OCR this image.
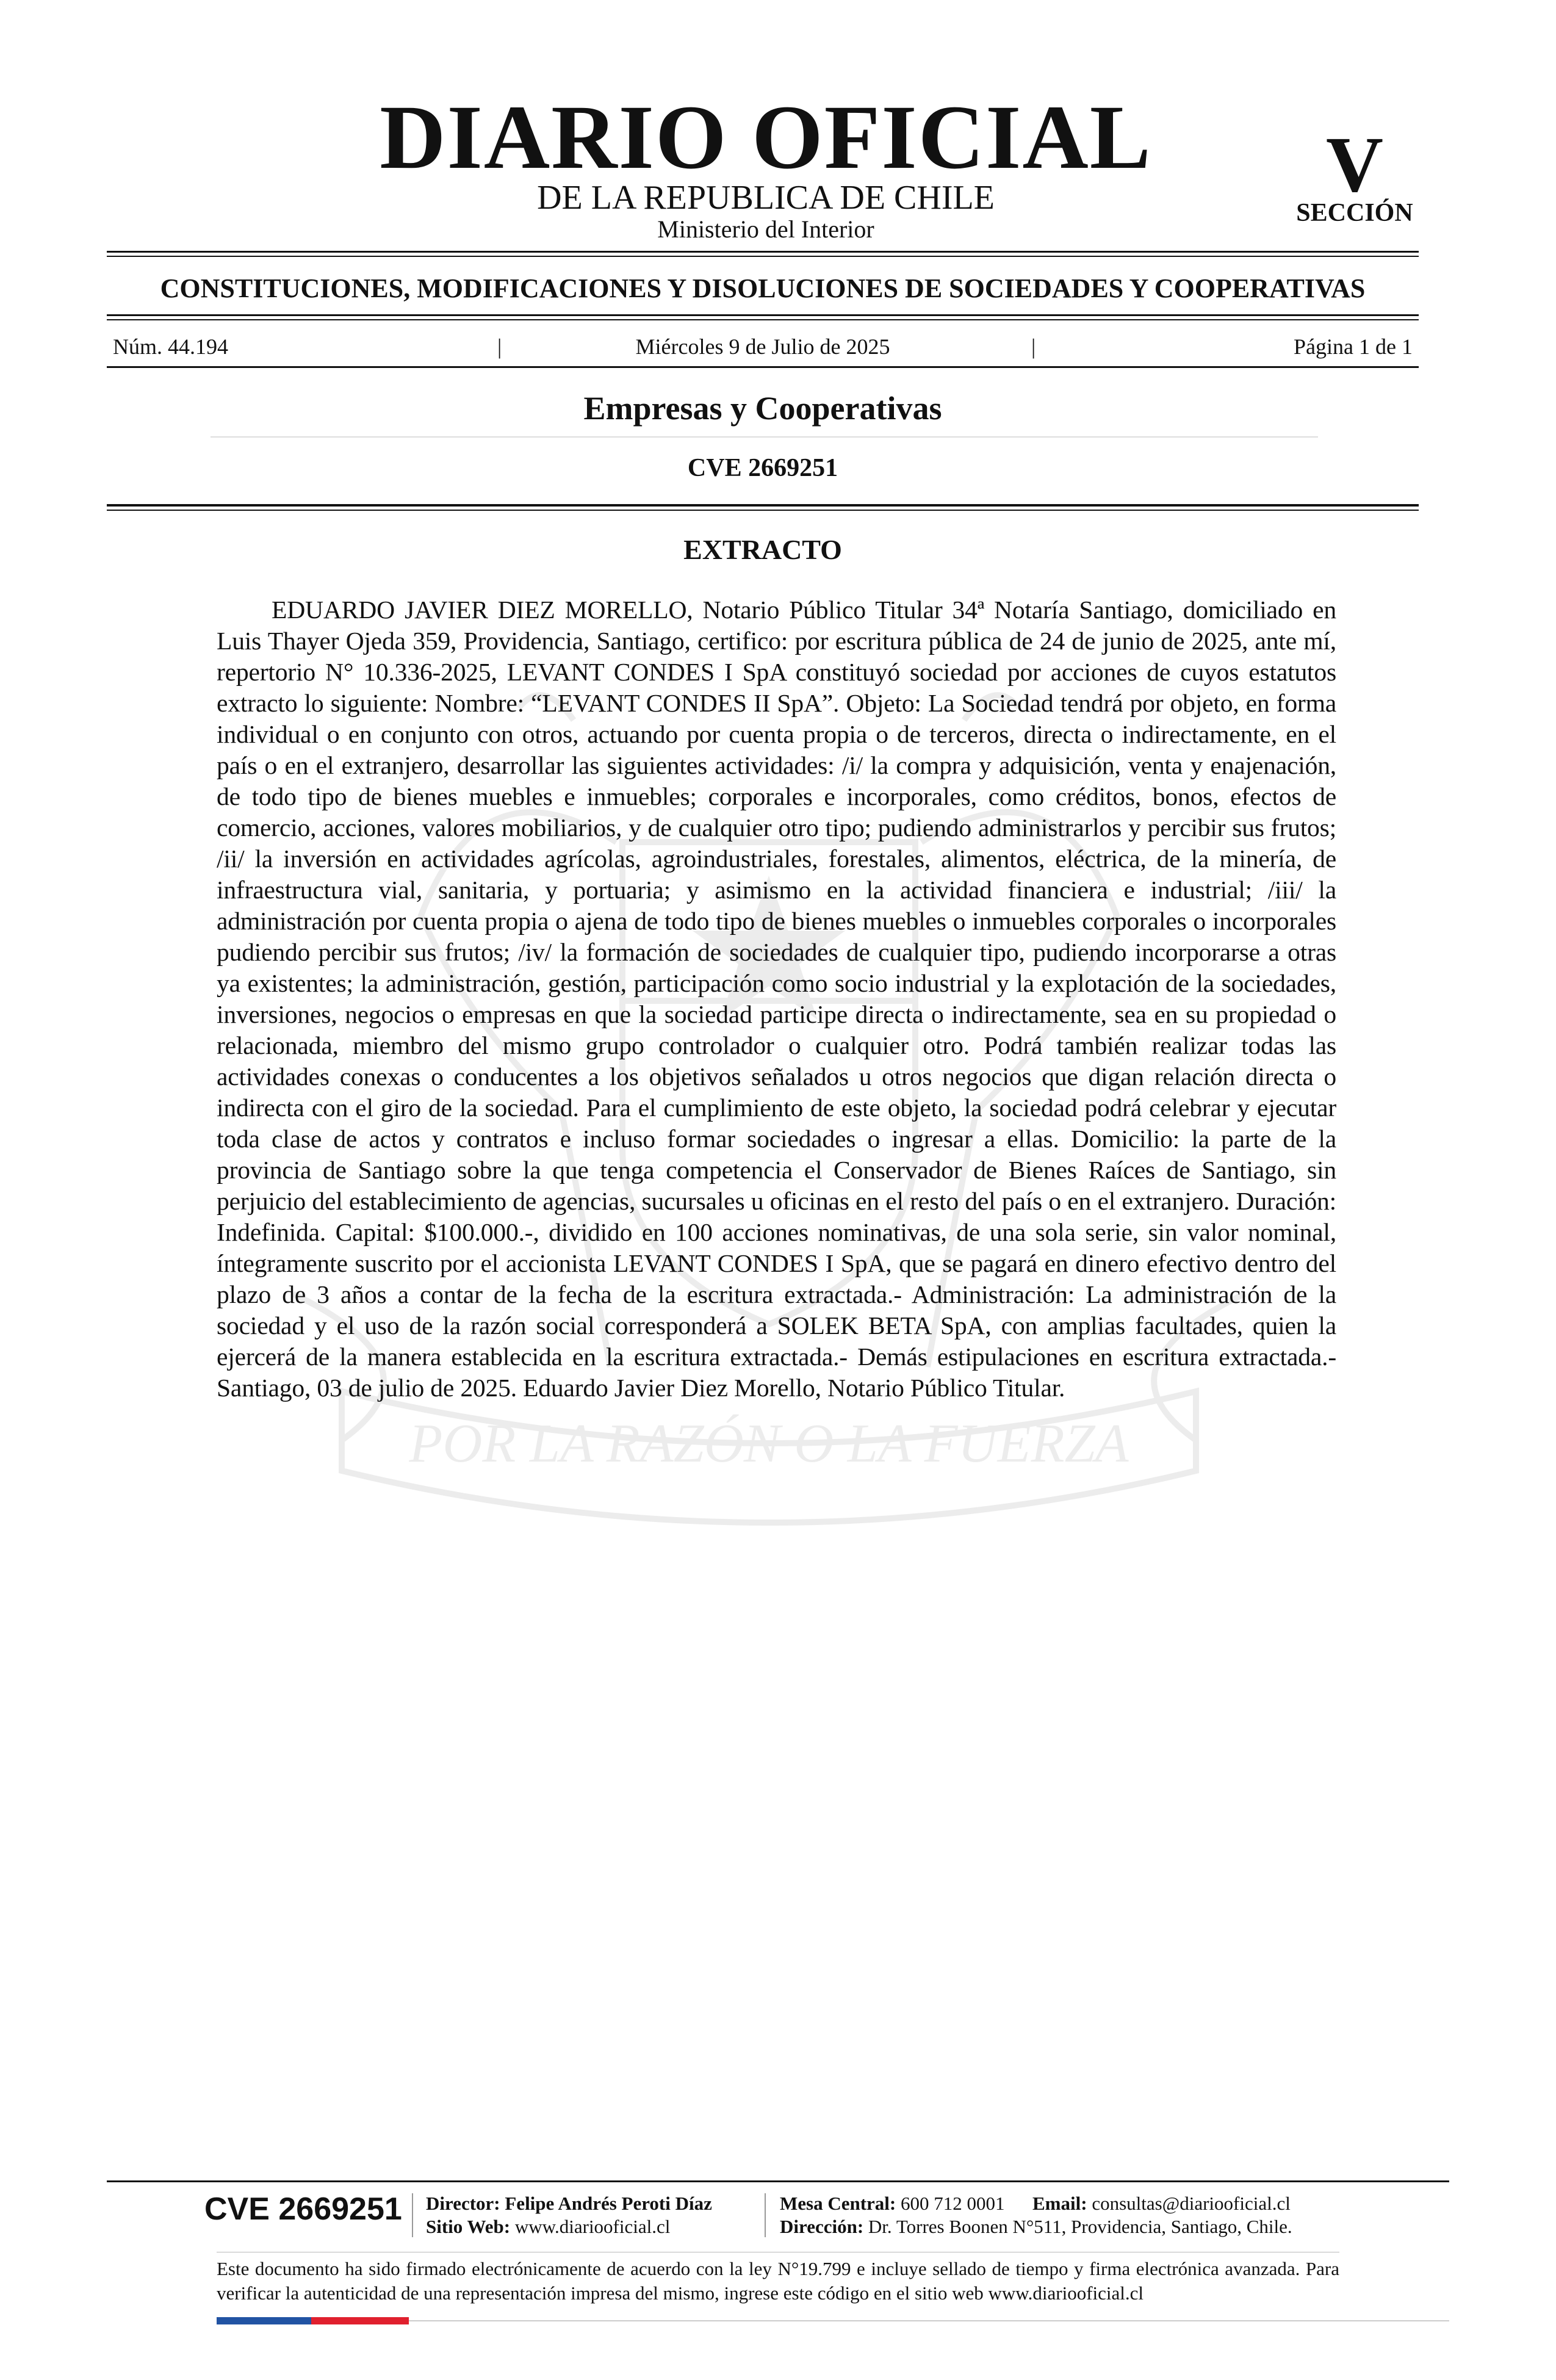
POR LA RAZÓN O LA FUERZA
DIARIO OFICIAL
DE LA REPUBLICA DE CHILE
Ministerio del Interior
V
SECCIÓN
CONSTITUCIONES, MODIFICACIONES Y DISOLUCIONES DE SOCIEDADES Y COOPERATIVAS
Núm. 44.194	|	Miércoles 9 de Julio de 2025	|	Página 1 de 1
Empresas y Cooperativas
CVE 2669251
EXTRACTO
EDUARDO JAVIER DIEZ MORELLO, Notario Público Titular 34ª Notaría Santiago, domiciliado en Luis Thayer Ojeda 359, Providencia, Santiago, certifico: por escritura pública de 24 de junio de 2025, ante mí, repertorio N° 10.336-2025, LEVANT CONDES I SpA constituyó sociedad por acciones de cuyos estatutos extracto lo siguiente: Nombre: “LEVANT CONDES II SpA”. Objeto: La Sociedad tendrá por objeto, en forma individual o en conjunto con otros, actuando por cuenta propia o de terceros, directa o indirectamente, en el país o en el extranjero, desarrollar las siguientes actividades: /i/ la compra y adquisición, venta y enajenación, de todo tipo de bienes muebles e inmuebles; corporales e incorporales, como créditos, bonos, efectos de comercio, acciones, valores mobiliarios, y de cualquier otro tipo; pudiendo administrarlos y percibir sus frutos; /ii/ la inversión en actividades agrícolas, agroindustriales, forestales, alimentos, eléctrica, de la minería, de infraestructura vial, sanitaria, y portuaria; y asimismo en la actividad financiera e industrial; /iii/ la administración por cuenta propia o ajena de todo tipo de bienes muebles o inmuebles corporales o incorporales pudiendo percibir sus frutos; /iv/ la formación de sociedades de cualquier tipo, pudiendo incorporarse a otras ya existentes; la administración, gestión, participación como socio industrial y la explotación de la sociedades, inversiones, negocios o empresas en que la sociedad participe directa o indirectamente, sea en su propiedad o relacionada, miembro del mismo grupo controlador o cualquier otro. Podrá también realizar todas las actividades conexas o conducentes a los objetivos señalados u otros negocios que digan relación directa o indirecta con el giro de la sociedad. Para el cumplimiento de este objeto, la sociedad podrá celebrar y ejecutar toda clase de actos y contratos e incluso formar sociedades o ingresar a ellas. Domicilio: la parte de la provincia de Santiago sobre la que tenga competencia el Conservador de Bienes Raíces de Santiago, sin perjuicio del establecimiento de agencias, sucursales u oficinas en el resto del país o en el extranjero. Duración: Indefinida. Capital: $100.000.-, dividido en 100 acciones nominativas, de una sola serie, sin valor nominal, íntegramente suscrito por el accionista LEVANT CONDES I SpA, que se pagará en dinero efectivo dentro del plazo de 3 años a contar de la fecha de la escritura extractada.- Administración: La administración de la sociedad y el uso de la razón social corresponderá a SOLEK BETA SpA, con amplias facultades, quien la ejercerá de la manera establecida en la escritura extractada.- Demás estipulaciones en escritura extractada.- Santiago, 03 de julio de 2025. Eduardo Javier Diez Morello, Notario Público Titular.
CVE 2669251 Director: Felipe Andrés Peroti Díaz
Sitio Web: www.diariooficial.cl
Mesa Central: 600 712 0001 Email: consultas@diariooficial.cl
Dirección: Dr. Torres Boonen N°511, Providencia, Santiago, Chile.
Este documento ha sido firmado electrónicamente de acuerdo con la ley N°19.799 e incluye sellado de tiempo y firma electrónica avanzada. Para verificar la autenticidad de una representación impresa del mismo, ingrese este código en el sitio web www.diariooficial.cl
